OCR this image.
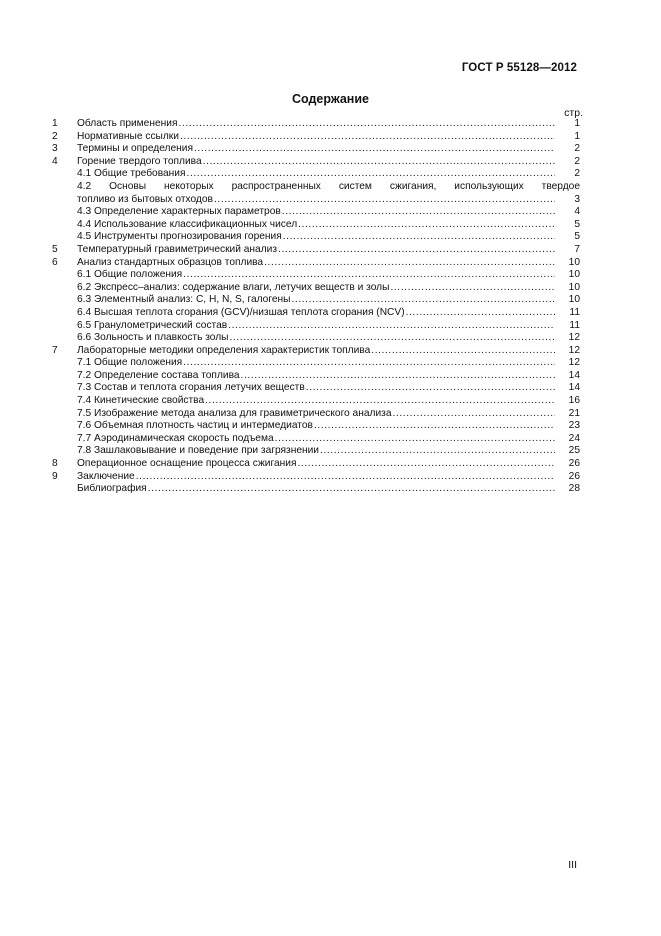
ГОСТ Р 55128—2012
Содержание
стр.
1	Область применения .....	1
2	Нормативные ссылки .....	1
3	Термины и определения .....	2
4	Горение твердого топлива .....	2
4.1 Общие требования .....	2
4.2 Основы некоторых распространенных систем сжигания, использующих твердое
топливо из бытовых отходов .....	3
4.3 Определение характерных параметров .....	4
4.4 Использование классификационных чисел .....	5
4.5 Инструменты прогнозирования горения .....	5
5	Температурный гравиметрический анализ .....	7
6	Анализ стандартных образцов топлива .....	10
6.1 Общие положения .....	10
6.2 Экспресс–анализ: содержание влаги, летучих веществ и золы .....	10
6.3 Элементный анализ: C, H, N, S, галогены .....	10
6.4 Высшая теплота сгорания (GCV)/низшая теплота сгорания (NCV) .....	11
6.5 Гранулометрический состав .....	11
6.6 Зольность и плавкость золы .....	12
7	Лабораторные методики определения характеристик топлива .....	12
7.1 Общие положения .....	12
7.2 Определение состава топлива .....	14
7.3 Состав и теплота сгорания летучих веществ .....	14
7.4 Кинетические свойства .....	16
7.5 Изображение метода анализа для гравиметрического анализа .....	21
7.6 Объемная плотность частиц и интермедиатов .....	23
7.7 Аэродинамическая скорость подъема .....	24
7.8 Зашлаковывание и поведение при загрязнении .....	25
8	Операционное оснащение процесса сжигания .....	26
9	Заключение .....	26
Библиография .....	28
III
